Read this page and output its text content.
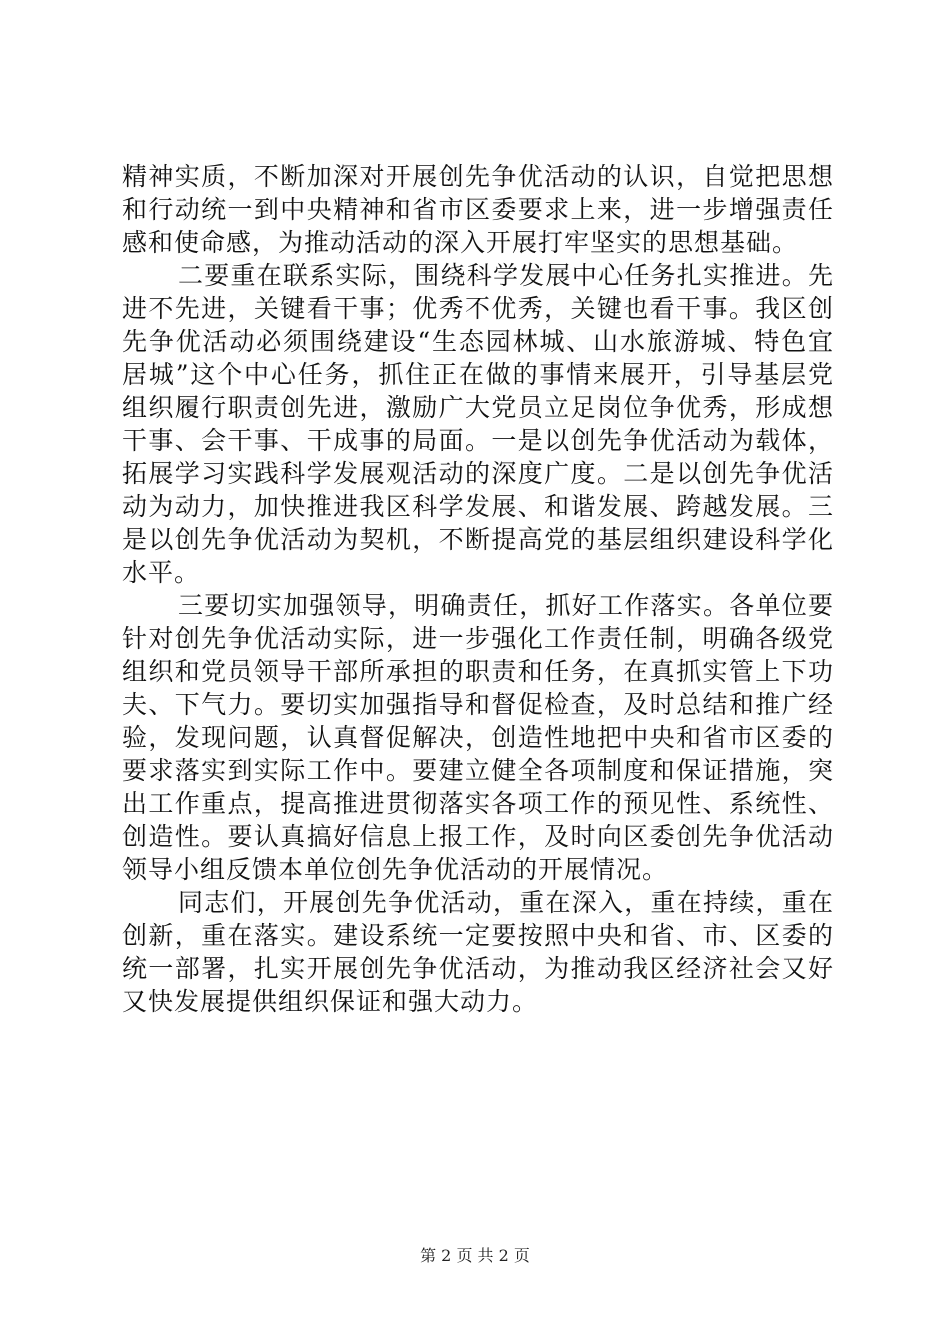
精神实质，不断加深对开展创先争优活动的认识，自觉把思想和行动统一到中央精神和省市区委要求上来，进一步增强责任感和使命感，为推动活动的深入开展打牢坚实的思想基础。

二要重在联系实际，围绕科学发展中心任务扎实推进。先进不先进，关键看干事；优秀不优秀，关键也看干事。我区创先争优活动必须围绕建设“生态园林城、山水旅游城、特色宜居城”这个中心任务，抓住正在做的事情来展开，引导基层党组织履行职责创先进，激励广大党员立足岗位争优秀，形成想干事、会干事、干成事的局面。一是以创先争优活动为载体，拓展学习实践科学发展观活动的深度广度。二是以创先争优活动为动力，加快推进我区科学发展、和谐发展、跨越发展。三是以创先争优活动为契机，不断提高党的基层组织建设科学化水平。

三要切实加强领导，明确责任，抓好工作落实。各单位要针对创先争优活动实际，进一步强化工作责任制，明确各级党组织和党员领导干部所承担的职责和任务，在真抓实管上下功夫、下气力。要切实加强指导和督促检查，及时总结和推广经验，发现问题，认真督促解决，创造性地把中央和省市区委的要求落实到实际工作中。要建立健全各项制度和保证措施，突出工作重点，提高推进贯彻落实各项工作的预见性、系统性、创造性。要认真搞好信息上报工作，及时向区委创先争优活动领导小组反馈本单位创先争优活动的开展情况。

同志们，开展创先争优活动，重在深入，重在持续，重在创新，重在落实。建设系统一定要按照中央和省、市、区委的统一部署，扎实开展创先争优活动，为推动我区经济社会又好又快发展提供组织保证和强大动力。

第 2 页 共 2 页
